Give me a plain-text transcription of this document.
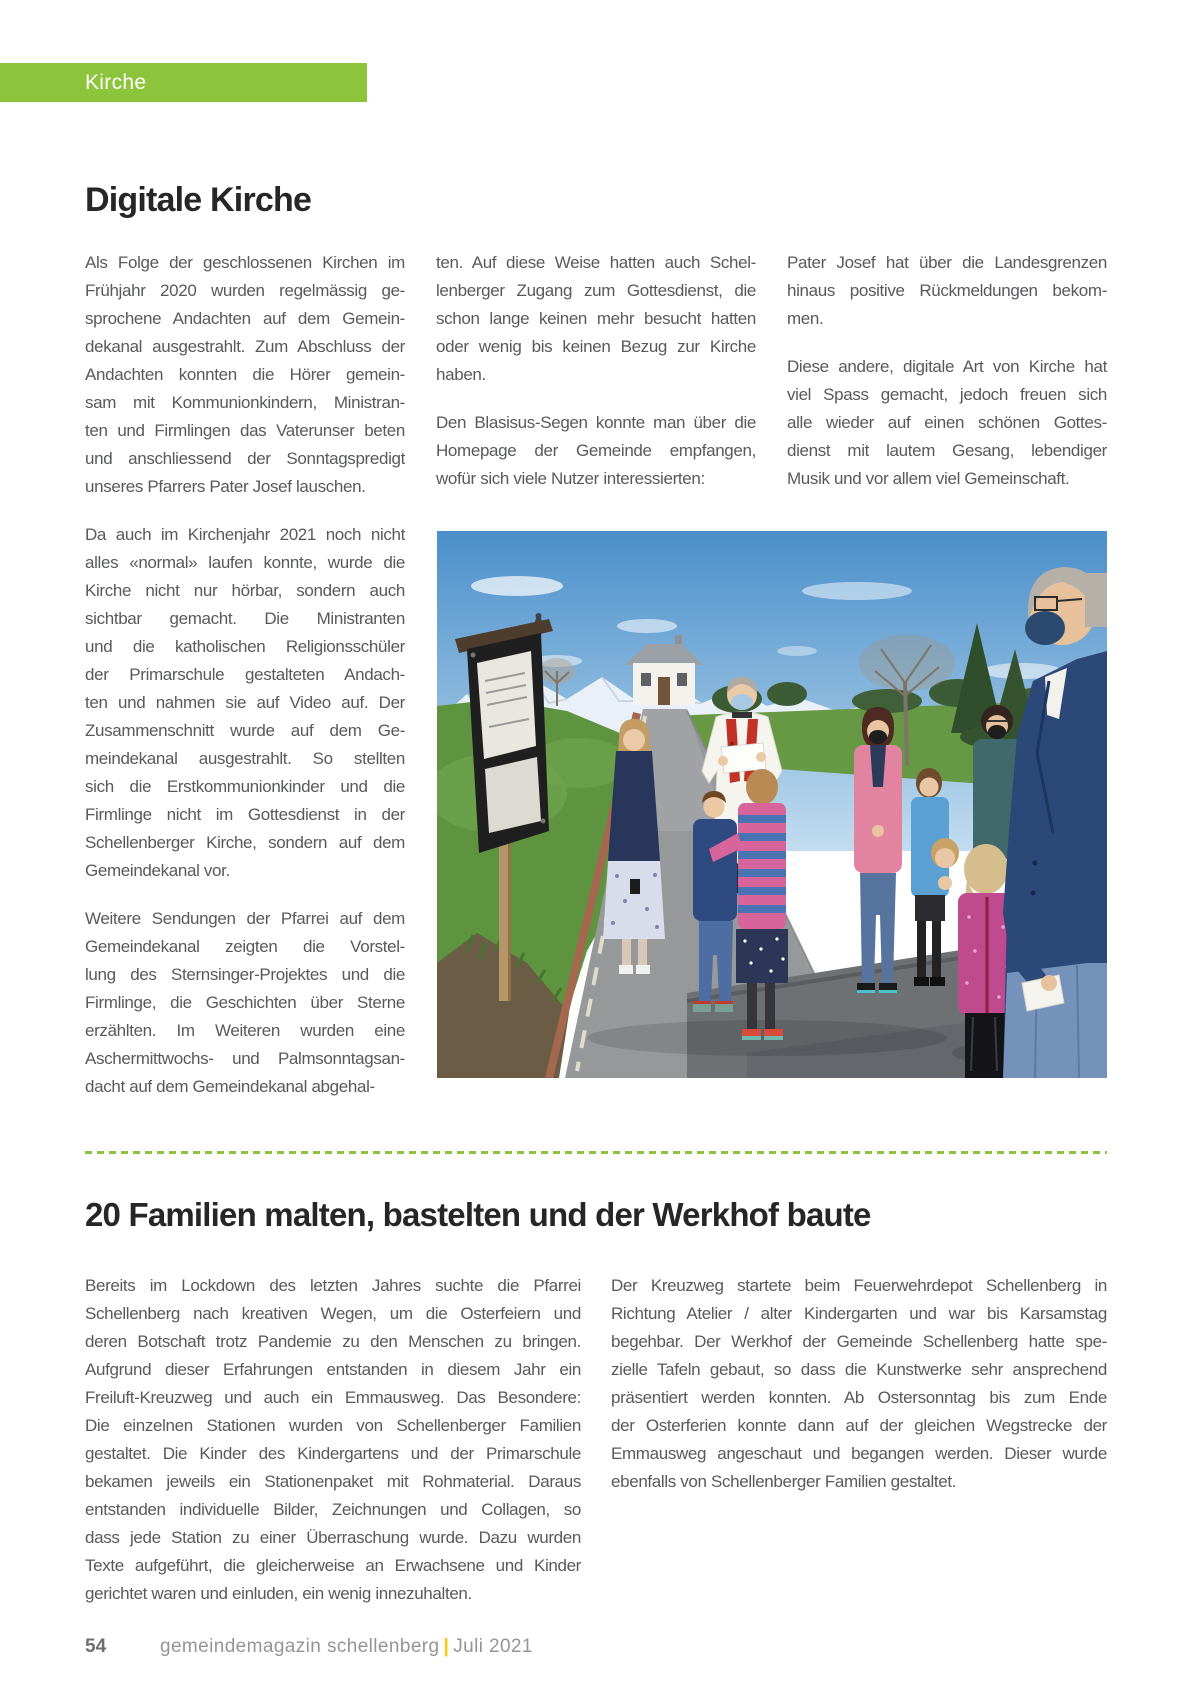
Kirche
Digitale Kirche

Als Folge der geschlossenen Kirchen im
Frühjahr 2020 wurden regelmässig ge-
sprochene Andachten auf dem Gemein-
dekanal ausgestrahlt. Zum Abschluss der
Andachten konnten die Hörer gemein-
sam mit Kommunionkindern, Ministran-
ten und Firmlingen das Vaterunser beten
und anschliessend der Sonntagspredigt
unseres Pfarrers Pater Josef lauschen.

Da auch im Kirchenjahr 2021 noch nicht
alles «normal» laufen konnte, wurde die
Kirche nicht nur hörbar, sondern auch
sichtbar gemacht. Die Ministranten
und die katholischen Religionsschüler
der Primarschule gestalteten Andach-
ten und nahmen sie auf Video auf. Der
Zusammenschnitt wurde auf dem Ge-
meindekanal ausgestrahlt. So stellten
sich die Erstkommunionkinder und die
Firmlinge nicht im Gottesdienst in der
Schellenberger Kirche, sondern auf dem
Gemeindekanal vor.

Weitere Sendungen der Pfarrei auf dem
Gemeindekanal zeigten die Vorstel-
lung des Sternsinger-Projektes und die
Firmlinge, die Geschichten über Sterne
erzählten. Im Weiteren wurden eine
Aschermittwochs- und Palmsonntagsan-
dacht auf dem Gemeindekanal abgehal-

ten. Auf diese Weise hatten auch Schel-
lenberger Zugang zum Gottesdienst, die
schon lange keinen mehr besucht hatten
oder wenig bis keinen Bezug zur Kirche
haben.

Den Blasisus-Segen konnte man über die
Homepage der Gemeinde empfangen,
wofür sich viele Nutzer interessierten:

Pater Josef hat über die Landesgrenzen
hinaus positive Rückmeldungen bekom-
men.

Diese andere, digitale Art von Kirche hat
viel Spass gemacht, jedoch freuen sich
alle wieder auf einen schönen Gottes-
dienst mit lautem Gesang, lebendiger
Musik und vor allem viel Gemeinschaft.

20 Familien malten, bastelten und der Werkhof baute

Bereits im Lockdown des letzten Jahres suchte die Pfarrei
Schellenberg nach kreativen Wegen, um die Osterfeiern und
deren Botschaft trotz Pandemie zu den Menschen zu bringen.
Aufgrund dieser Erfahrungen entstanden in diesem Jahr ein
Freiluft-Kreuzweg und auch ein Emmausweg. Das Besondere:
Die einzelnen Stationen wurden von Schellenberger Familien
gestaltet. Die Kinder des Kindergartens und der Primarschule
bekamen jeweils ein Stationenpaket mit Rohmaterial. Daraus
entstanden individuelle Bilder, Zeichnungen und Collagen, so
dass jede Station zu einer Überraschung wurde. Dazu wurden
Texte aufgeführt, die gleicherweise an Erwachsene und Kinder
gerichtet waren und einluden, ein wenig innezuhalten.

Der Kreuzweg startete beim Feuerwehrdepot Schellenberg in
Richtung Atelier / alter Kindergarten und war bis Karsamstag
begehbar. Der Werkhof der Gemeinde Schellenberg hatte spe-
zielle Tafeln gebaut, so dass die Kunstwerke sehr ansprechend
präsentiert werden konnten. Ab Ostersonntag bis zum Ende
der Osterferien konnte dann auf der gleichen Wegstrecke der
Emmausweg angeschaut und begangen werden. Dieser wurde
ebenfalls von Schellenberger Familien gestaltet.

54	gemeindemagazin schellenberg | Juli 2021
